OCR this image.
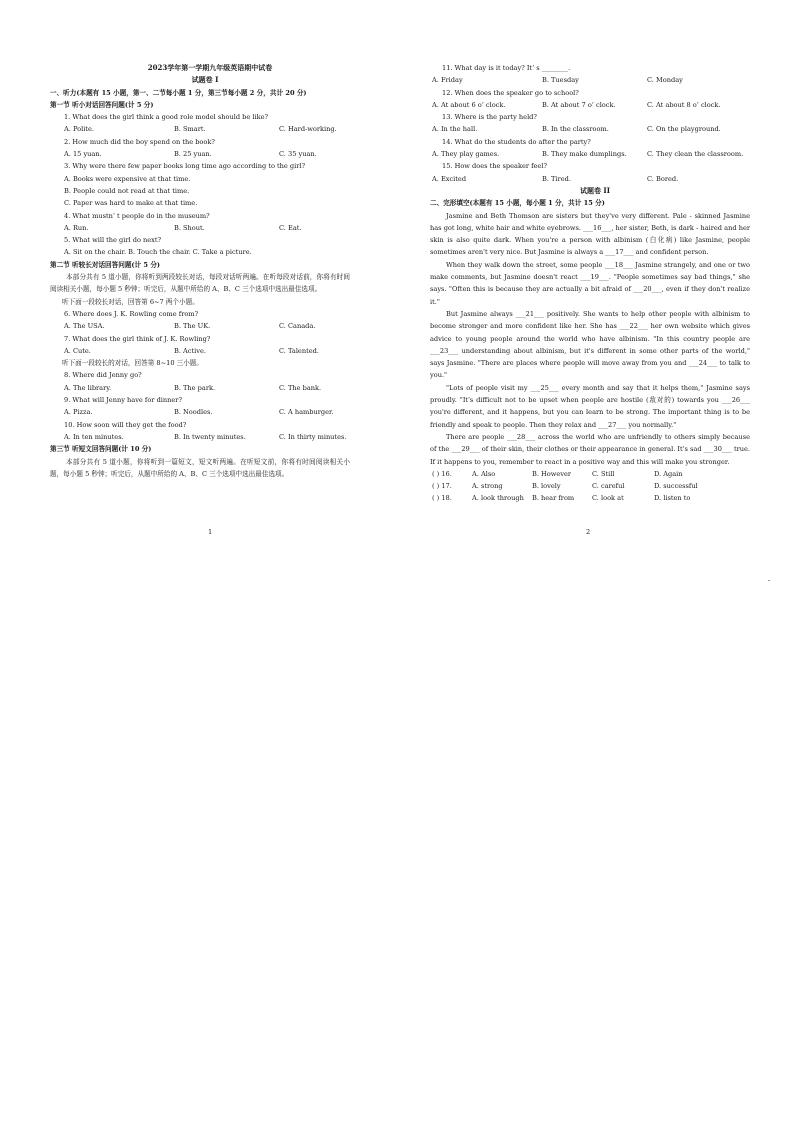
2023学年第一学期九年级英语期中试卷
试题卷 I
一、听力(本题有 15 小题，第一、二节每小题 1 分，第三节每小题 2 分，共计 20 分)
第一节 听小对话回答问题(计 5 分)
1. What does the girl think a good role model should be like?
A. Polite.	B. Smart.	C. Hard-working.
2. How much did the boy spend on the book?
A. 15 yuan.	B. 25 yuan.	C. 35 yuan.
3. Why were there few paper books long time ago according to the girl?
A. Books were expensive at that time.
B. People could not read at that time.
C. Paper was hard to make at that time.
4. What mustn’ t people do in the museum?
A. Run.	B. Shout.	C. Eat.
5. What will the girl do next?
A. Sit on the chair. B. Touch the chair. C. Take a picture.
第二节 听较长对话回答问题(计 5 分)
本部分共有 5 道小题，你将听到两段较长对话，每段对话听两遍。在听每段对话前，你将有时间阅读相关小题，每小题 5 秒钟；听完后，从题中所给的 A、B、C 三个选项中选出最佳选项。
听下面一段较长对话，回答第 6~7 两个小题。
6. Where does J. K. Rowling come from?
A. The USA.	B. The UK.	C. Canada.
7. What does the girl think of J. K. Rowling?
A. Cute.	B. Active.	C. Talented.
听下面一段较长的对话，回答第 8~10 三小题。
8. Where did Jenny go?
A. The library.	B. The park.	C. The bank.
9. What will Jenny have for dinner?
A. Pizza.	B. Noodles.	C. A hamburger.
10. How soon will they get the food?
A. In ten minutes.	B. In twenty minutes.	C. In thirty minutes.
第三节 听短文回答问题(计 10 分)
本部分共有 5 道小题，你将听到一篇短文，短文听两遍。在听短文前，你将有时间阅读相关小题，每小题 5 秒钟；听完后，从题中所给的 A、B、C 三个选项中选出最佳选项。
1
11. What day is it today? It’ s ________.
A. Friday	B. Tuesday	C. Monday
12. When does the speaker go to school?
A. At about 6 o’ clock.	B. At about 7 o’ clock.	C. At about 8 o’ clock.
13. Where is the party held?
A. In the hall.	B. In the classroom.	C. On the playground.
14. What do the students do after the party?
A. They play games.	B. They make dumplings.	C. They clean the classroom.
15. How does the speaker feel?
A. Excited	B. Tired.	C. Bored.
试题卷 II
二、完形填空(本题有 15 小题，每小题 1 分，共计 15 分)
Jasmine and Beth Thomson are sisters but they've very different. Pale - skinned Jasmine has got long, white hair and white eyebrows. ___16___, her sister, Beth, is dark - haired and her skin is also quite dark. When you're a person with albinism (白化病) like Jasmine, people sometimes aren't very nice. But Jasmine is always a ___17___ and confident person.
When they walk down the street, some people ___18___ Jasmine strangely, and one or two make comments, but Jasmine doesn't react ___19___. "People sometimes say bad things," she says. "Often this is because they are actually a bit afraid of ___20___, even if they don't realize it."
But Jasmine always ___21___ positively. She wants to help other people with albinism to become stronger and more confident like her. She has ___22___ her own website which gives advice to young people around the world who have albinism. "In this country people are ___23___ understanding about albinism, but it's different in some other parts of the world," says Jasmine. "There are places where people will move away from you and ___24___ to talk to you."
"Lots of people visit my ___25___ every month and say that it helps them," Jasmine says proudly. "It's difficult not to be upset when people are hostile (敌对的) towards you ___26___ you're different, and it happens, but you can learn to be strong. The important thing is to be friendly and speak to people. Then they relax and ___27___ you normally."
There are people ___28___ across the world who are unfriendly to others simply because of the ___29___ of their skin, their clothes or their appearance in general. It's sad ___30___ true. If it happens to you, remember to react in a positive way and this will make you stronger.
( ) 16.	A. Also	B. However	C. Still	D. Again
( ) 17.	A. strong	B. lovely	C. careful	D. successful
( ) 18.	A. look through	B. hear from	C. look at	D. listen to
2
